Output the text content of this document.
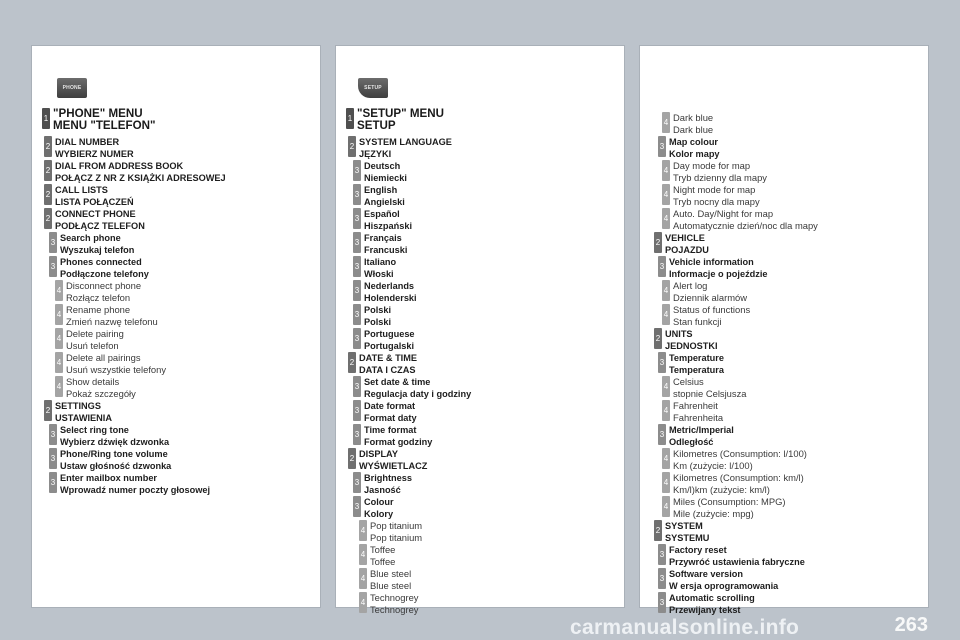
PHONE
1 "PHONE" MENU
MENU "TELEFON"
2 DIAL NUMBER
WYBIERZ NUMER
2 DIAL FROM ADDRESS BOOK
POŁĄCZ Z NR Z KSIĄŻKI ADRESOWEJ
2 CALL LISTS
LISTA POŁĄCZEŃ
2 CONNECT PHONE
PODŁĄCZ TELEFON
3 Search phone
Wyszukaj telefon
3 Phones connected
Podłączone telefony
4 Disconnect phone
Rozłącz telefon
4 Rename phone
Zmień nazwę telefonu
4 Delete pairing
Usuń telefon
4 Delete all pairings
Usuń wszystkie telefony
4 Show details
Pokaż szczegóły
2 SETTINGS
USTAWIENIA
3 Select ring tone
Wybierz dźwięk dzwonka
3 Phone/Ring tone volume
Ustaw głośność dzwonka
3 Enter mailbox number
Wprowadź numer poczty głosowej
SETUP
1 "SETUP" MENU
SETUP
2 SYSTEM LANGUAGE
JĘZYKI
3 Deutsch
Niemiecki
3 English
Angielski
3 Español
Hiszpański
3 Français
Francuski
3 Italiano
Włoski
3 Nederlands
Holenderski
3 Polski
Polski
3 Portuguese
Portugalski
2 DATE & TIME
DATA I CZAS
3 Set date & time
Regulacja daty i godziny
3 Date format
Format daty
3 Time format
Format godziny
2 DISPLAY
WYŚWIETLACZ
3 Brightness
Jasność
3 Colour
Kolory
4 Pop titanium
Pop titanium
4 Toffee
Toffee
4 Blue steel
Blue steel
4 Technogrey
Technogrey
4 Dark blue
Dark blue
3 Map colour
Kolor mapy
4 Day mode for map
Tryb dzienny dla mapy
4 Night mode for map
Tryb nocny dla mapy
4 Auto. Day/Night for map
Automatycznie dzień/noc dla mapy
2 VEHICLE
POJAZDU
3 Vehicle information
Informacje o pojeździe
4 Alert log
Dziennik alarmów
4 Status of functions
Stan funkcji
2 UNITS
JEDNOSTKI
3 Temperature
Temperatura
4 Celsius
stopnie Celsjusza
4 Fahrenheit
Fahrenheita
3 Metric/Imperial
Odległość
4 Kilometres (Consumption: l/100)
Km (zużycie: l/100)
4 Kilometres (Consumption: km/l)
Km/l)km (zużycie: km/l)
4 Miles (Consumption: MPG)
Mile (zużycie: mpg)
2 SYSTEM
SYSTEMU
3 Factory reset
Przywróć ustawienia fabryczne
3 Software version
W ersja oprogramowania
3 Automatic scrolling
Przewijany tekst
carmanualsonline.info	263
